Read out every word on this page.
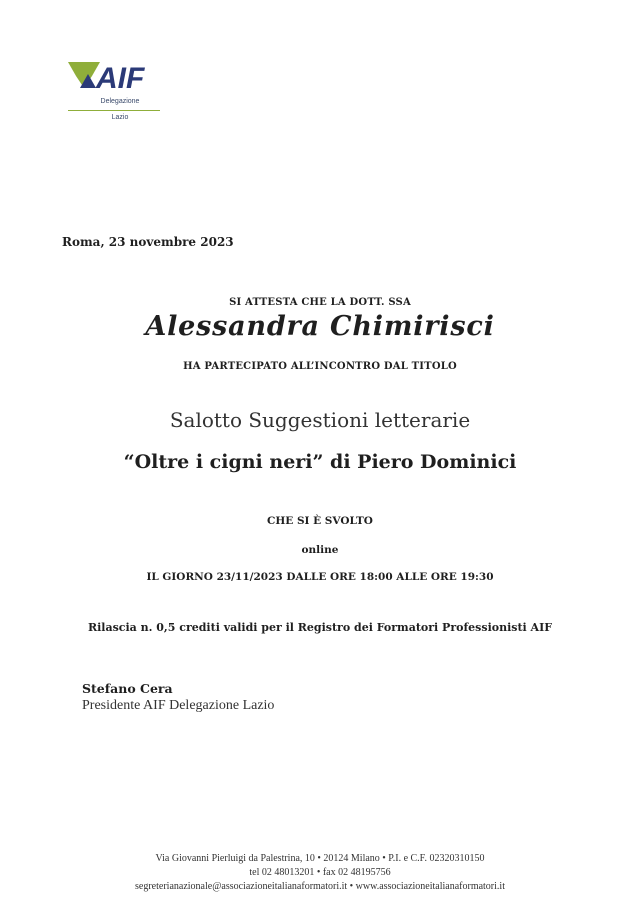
AIF
Delegazione
Lazio
Roma, 23 novembre 2023
SI ATTESTA CHE LA DOTT. SSA
Alessandra Chimirisci
HA PARTECIPATO ALL’INCONTRO DAL TITOLO
Salotto Suggestioni letterarie
“Oltre i cigni neri” di Piero Dominici
CHE SI È SVOLTO
online
IL GIORNO 23/11/2023 DALLE ORE 18:00 ALLE ORE 19:30
Rilascia n. 0,5 crediti validi per il Registro dei Formatori Professionisti AIF
Stefano Cera
Presidente AIF Delegazione Lazio
Via Giovanni Pierluigi da Palestrina, 10 • 20124 Milano • P.I. e C.F. 02320310150
tel 02 48013201 • fax 02 48195756
segreterianazionale@associazioneitalianaformatori.it • www.associazioneitalianaformatori.it
